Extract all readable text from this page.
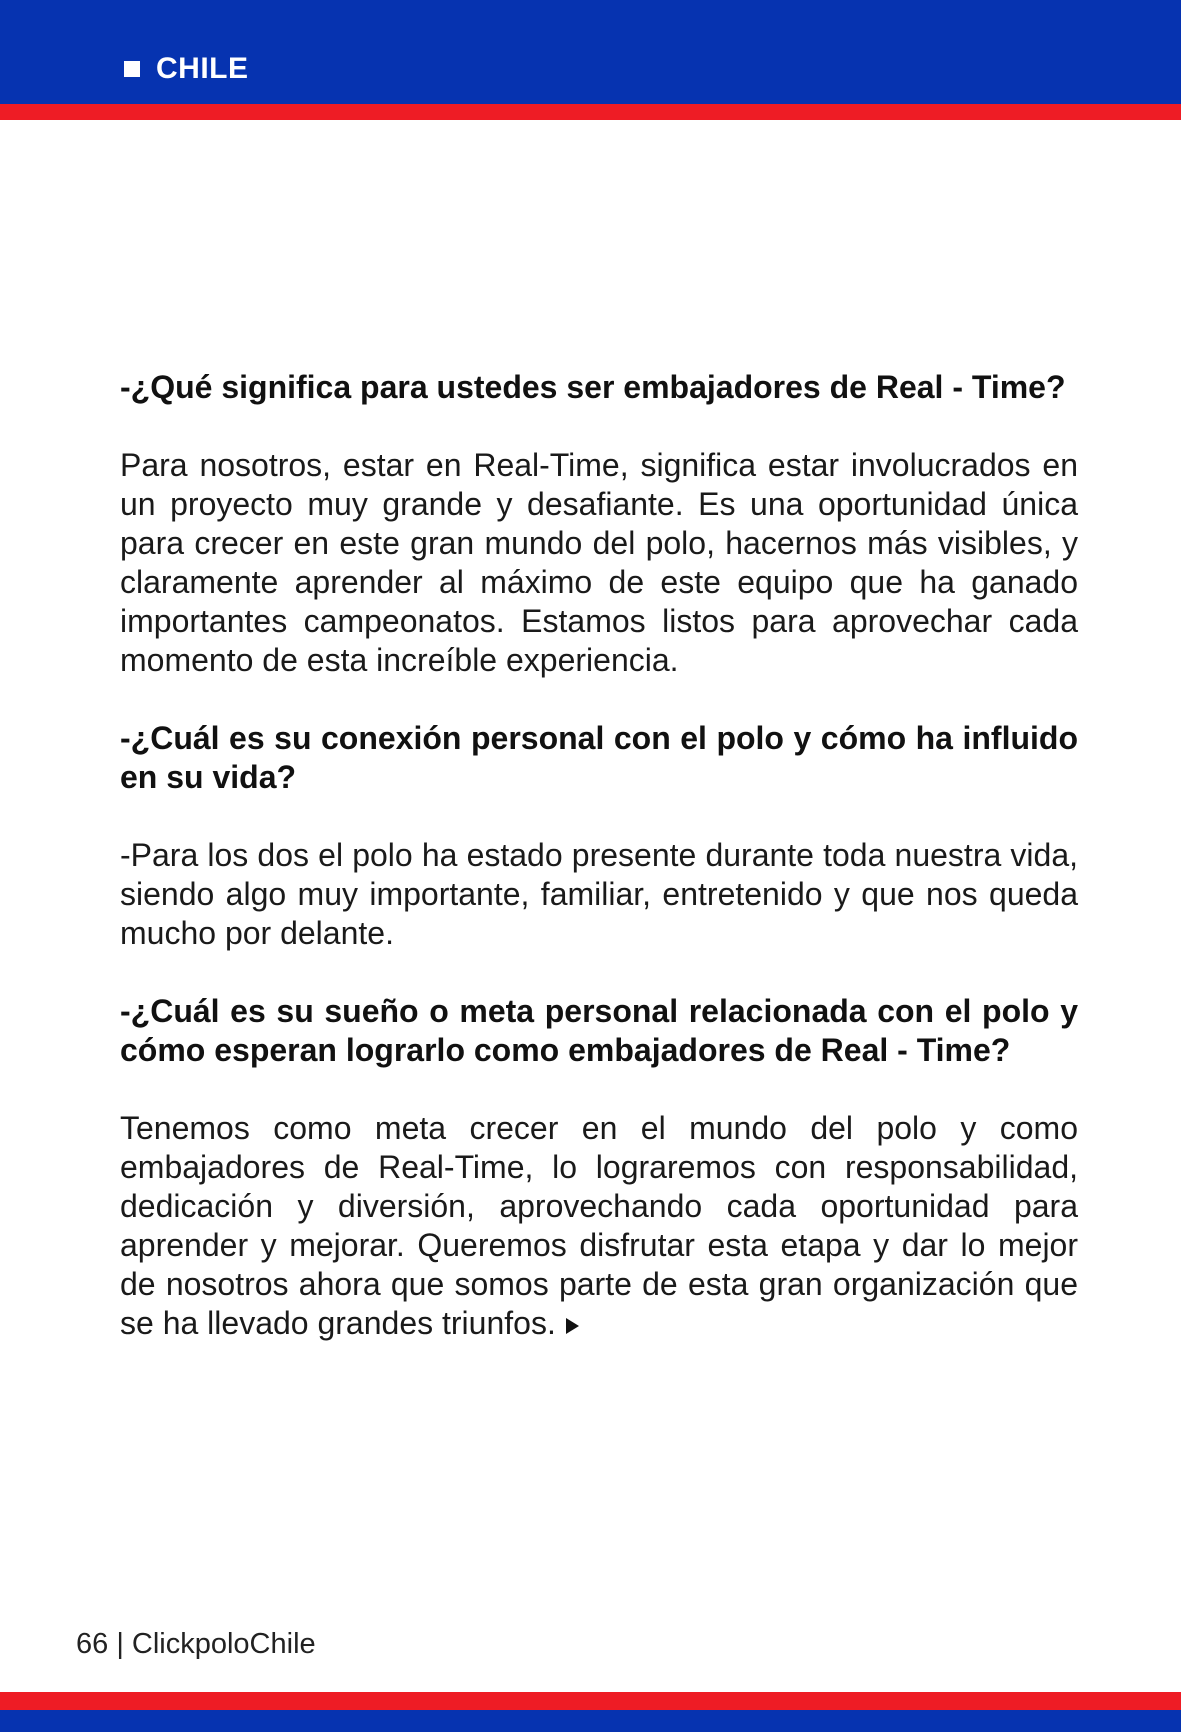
CHILE

-¿Qué significa para ustedes ser embajadores de Real - Time?

Para nosotros, estar en Real-Time, significa estar involucrados en un proyecto muy grande y desafiante. Es una oportunidad única para crecer en este gran mundo del polo, hacernos más visibles, y claramente aprender al máximo de este equipo que ha ganado importantes campeonatos. Estamos listos para aprovechar cada momento de esta increíble experiencia.

-¿Cuál es su conexión personal con el polo y cómo ha influido en su vida?

-Para los dos el polo ha estado presente durante toda nuestra vida, siendo algo muy importante, familiar, entretenido y que nos queda mucho por delante.

-¿Cuál es su sueño o meta personal relacionada con el polo y cómo esperan lograrlo como embajadores de Real - Time?

Tenemos como meta crecer en el mundo del polo y como embajadores de Real-Time, lo lograremos con responsabilidad, dedicación y diversión, aprovechando cada oportunidad para aprender y mejorar. Queremos disfrutar esta etapa y dar lo mejor de nosotros ahora que somos parte de esta gran organización que se ha llevado grandes triunfos.

66 | ClickpoloChile
